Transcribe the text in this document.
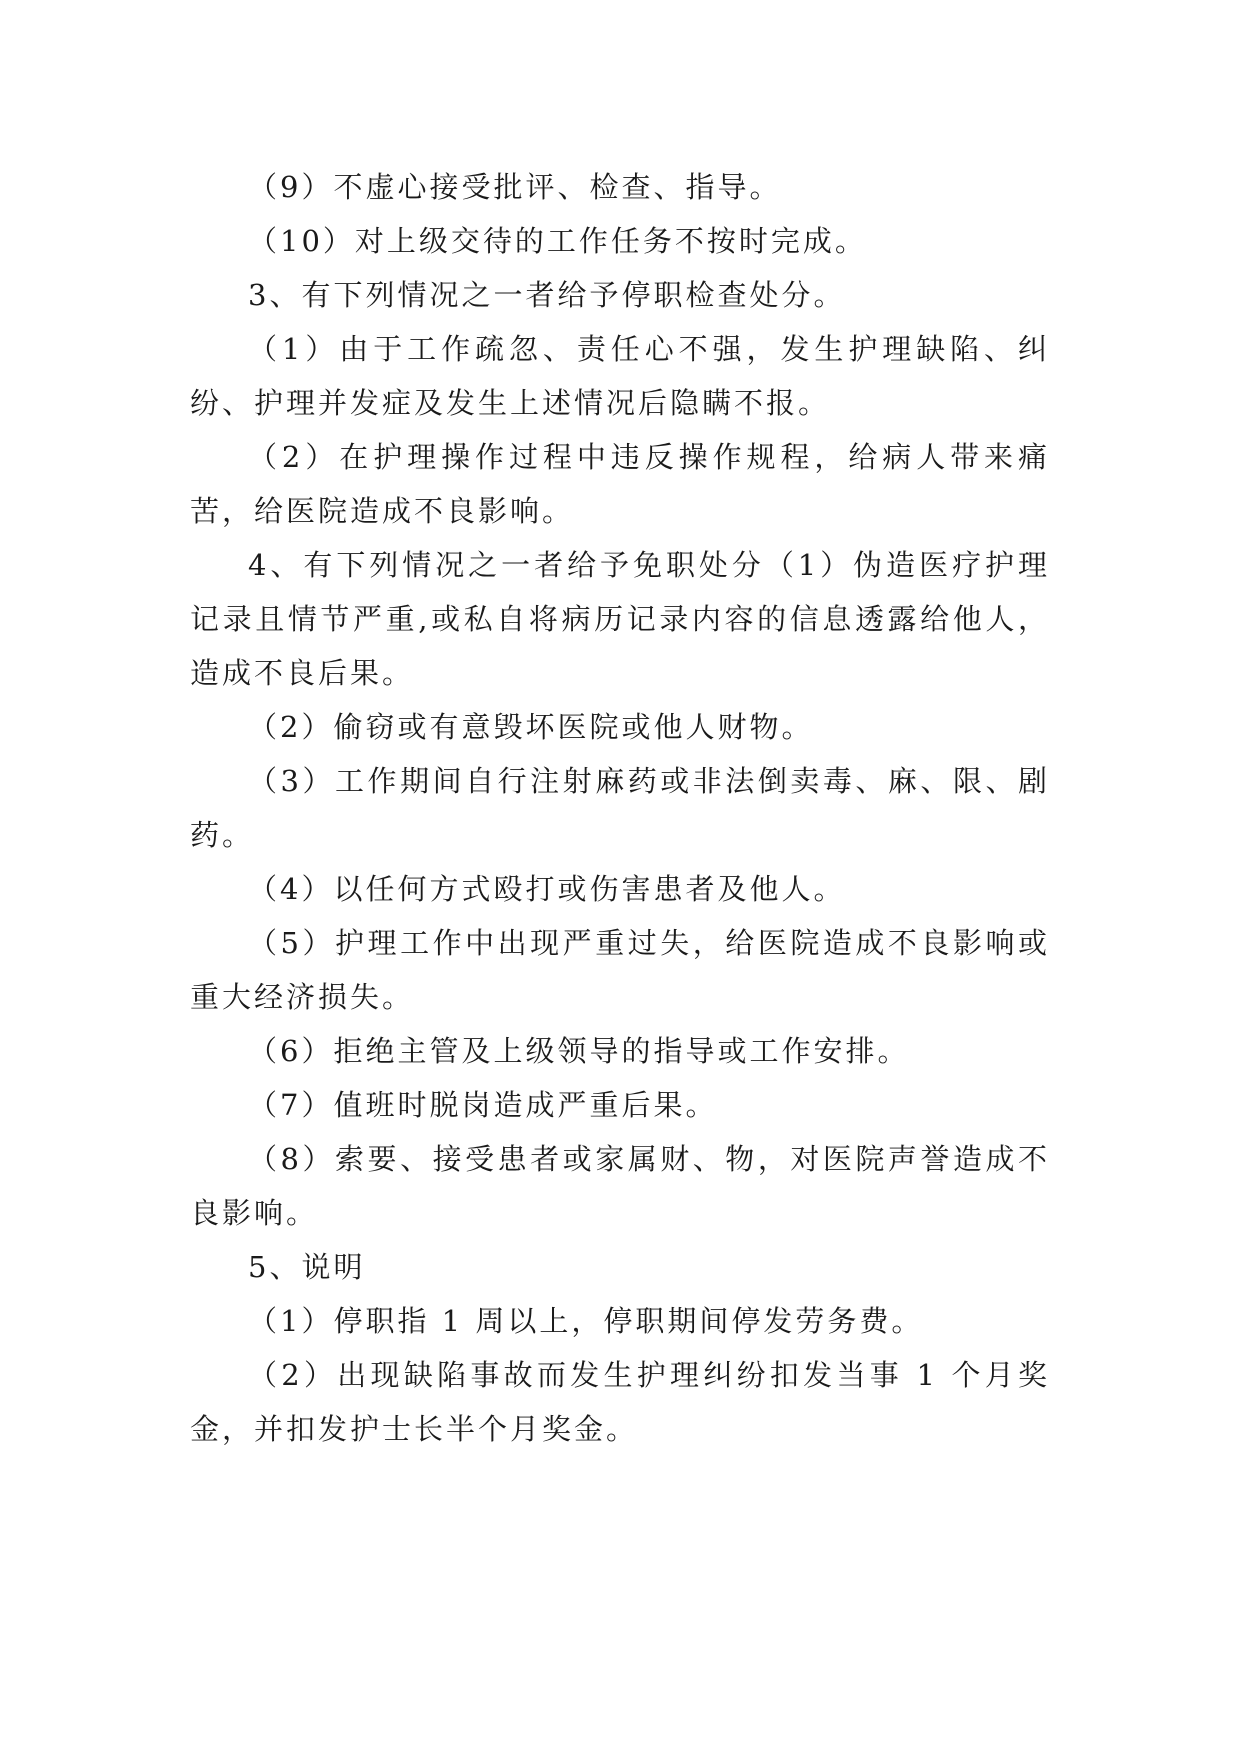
（9）不虚心接受批评、检查、指导。

（10）对上级交待的工作任务不按时完成。

3、有下列情况之一者给予停职检查处分。

（1）由于工作疏忽、责任心不强，发生护理缺陷、纠纷、护理并发症及发生上述情况后隐瞒不报。

（2）在护理操作过程中违反操作规程，给病人带来痛苦，给医院造成不良影响。

4、有下列情况之一者给予免职处分（1）伪造医疗护理记录且情节严重,或私自将病历记录内容的信息透露给他人，造成不良后果。

（2）偷窃或有意毁坏医院或他人财物。

（3）工作期间自行注射麻药或非法倒卖毒、麻、限、剧药。

（4）以任何方式殴打或伤害患者及他人。

（5）护理工作中出现严重过失，给医院造成不良影响或重大经济损失。

（6）拒绝主管及上级领导的指导或工作安排。

（7）值班时脱岗造成严重后果。

（8）索要、接受患者或家属财、物，对医院声誉造成不良影响。

5、说明

（1）停职指 1 周以上，停职期间停发劳务费。

（2）出现缺陷事故而发生护理纠纷扣发当事 1 个月奖金，并扣发护士长半个月奖金。
